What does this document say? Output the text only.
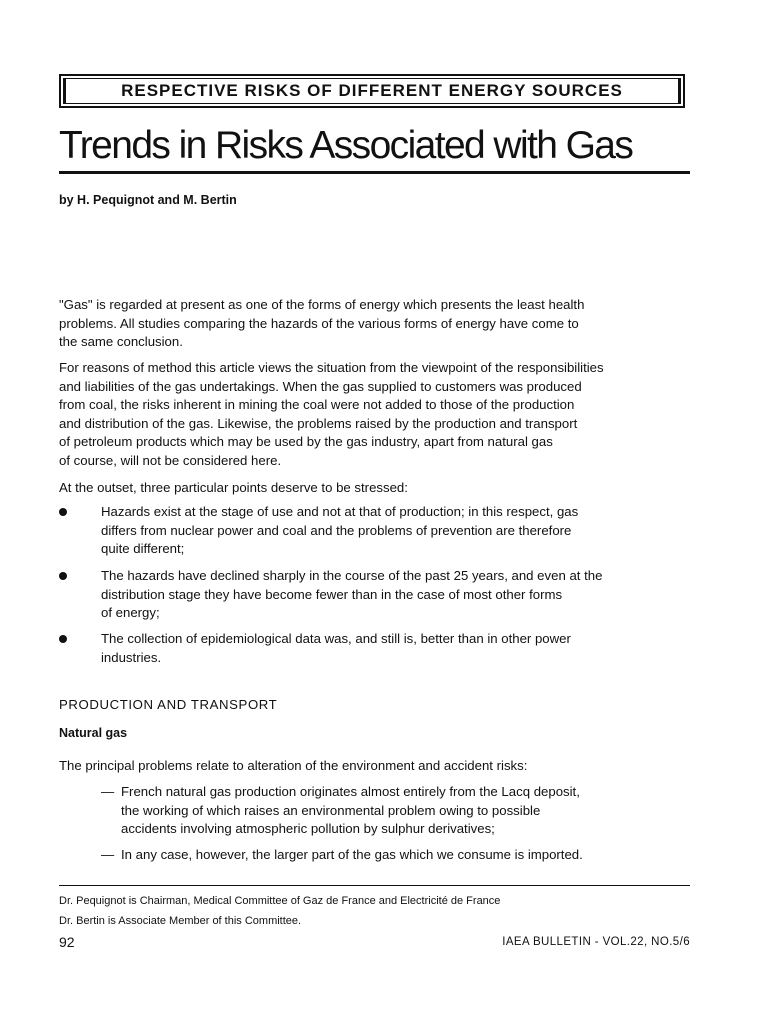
RESPECTIVE RISKS OF DIFFERENT ENERGY SOURCES
Trends in Risks Associated with Gas
by H. Pequignot and M. Bertin
"Gas" is regarded at present as one of the forms of energy which presents the least health
problems. All studies comparing the hazards of the various forms of energy have come to
the same conclusion.
For reasons of method this article views the situation from the viewpoint of the responsibilities
and liabilities of the gas undertakings. When the gas supplied to customers was produced
from coal, the risks inherent in mining the coal were not added to those of the production
and distribution of the gas. Likewise, the problems raised by the production and transport
of petroleum products which may be used by the gas industry, apart from natural gas
of course, will not be considered here.
At the outset, three particular points deserve to be stressed:
Hazards exist at the stage of use and not at that of production; in this respect, gas
differs from nuclear power and coal and the problems of prevention are therefore
quite different;
The hazards have declined sharply in the course of the past 25 years, and even at the
distribution stage they have become fewer than in the case of most other forms
of energy;
The collection of epidemiological data was, and still is, better than in other power
industries.
PRODUCTION AND TRANSPORT
Natural gas
The principal problems relate to alteration of the environment and accident risks:
— French natural gas production originates almost entirely from the Lacq deposit,
the working of which raises an environmental problem owing to possible
accidents involving atmospheric pollution by sulphur derivatives;
— In any case, however, the larger part of the gas which we consume is imported.
Dr. Pequignot is Chairman, Medical Committee of Gaz de France and Electricité de France
Dr. Bertin is Associate Member of this Committee.
92	IAEA BULLETIN - VOL.22, NO.5/6
